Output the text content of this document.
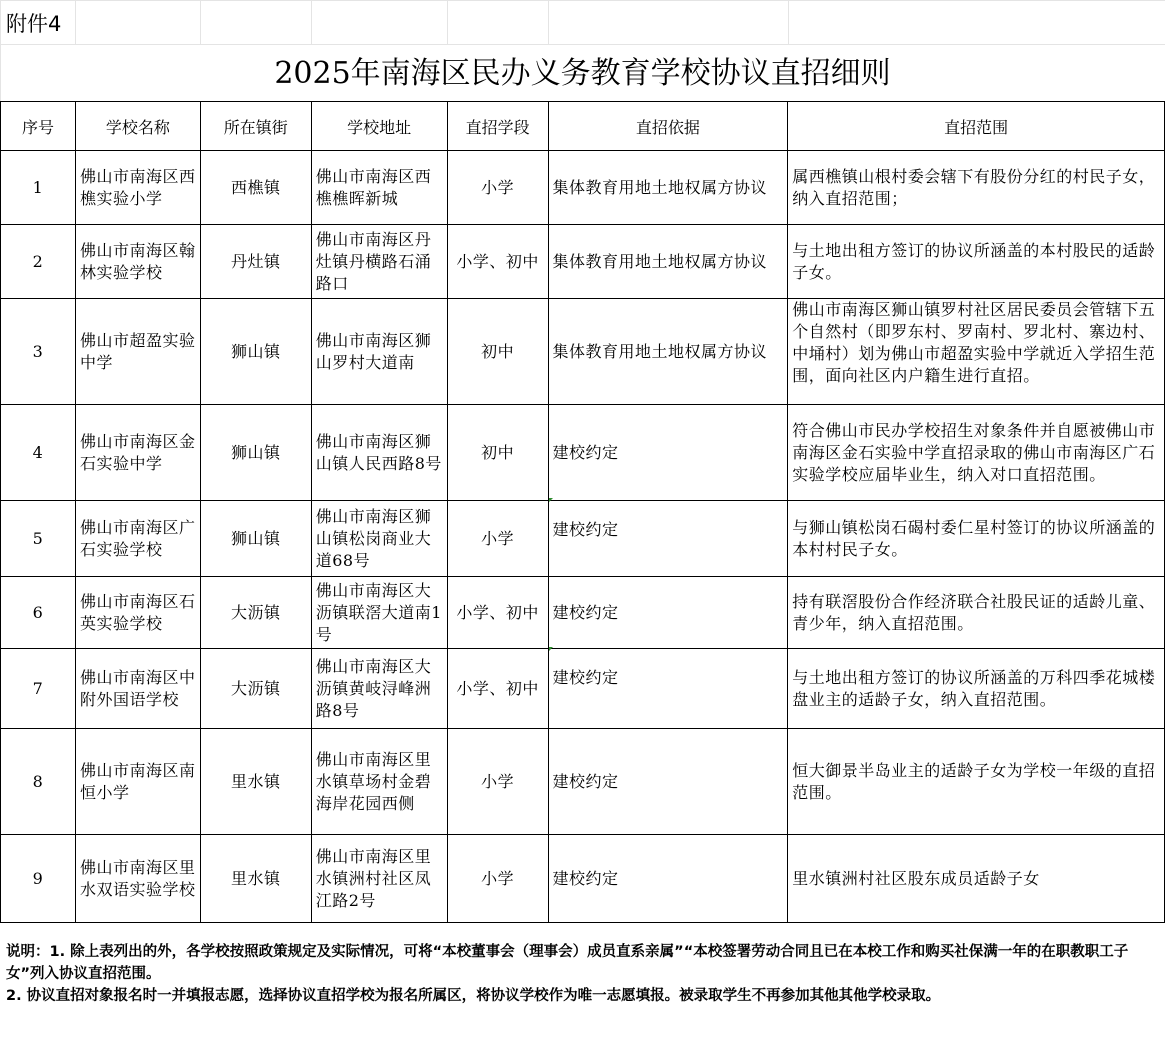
附件4
2025年南海区民办义务教育学校协议直招细则
序号	学校名称	所在镇街	学校地址	直招学段	直招依据	直招范围
1	佛山市南海区西樵实验小学	西樵镇	佛山市南海区西樵樵晖新城	小学	集体教育用地土地权属方协议	属西樵镇山根村委会辖下有股份分红的村民子女，纳入直招范围；
2	佛山市南海区翰林实验学校	丹灶镇	佛山市南海区丹灶镇丹横路石涌路口	小学、初中	集体教育用地土地权属方协议	与土地出租方签订的协议所涵盖的本村股民的适龄子女。
3	佛山市超盈实验中学	狮山镇	佛山市南海区狮山罗村大道南	初中	集体教育用地土地权属方协议	佛山市南海区狮山镇罗村社区居民委员会管辖下五个自然村（即罗东村、罗南村、罗北村、寨边村、中埇村）划为佛山市超盈实验中学就近入学招生范围，面向社区内户籍生进行直招。

4	佛山市南海区金石实验中学	狮山镇	佛山市南海区狮山镇人民西路8号	初中	建校约定	符合佛山市民办学校招生对象条件并自愿被佛山市南海区金石实验中学直招录取的佛山市南海区广石实验学校应届毕业生，纳入对口直招范围。
5	佛山市南海区广石实验学校	狮山镇	佛山市南海区狮山镇松岗商业大道68号	小学	建校约定	与狮山镇松岗石碣村委仁星村签订的协议所涵盖的本村村民子女。
6	佛山市南海区石英实验学校	大沥镇	佛山市南海区大沥镇联滘大道南1号	小学、初中	建校约定	持有联滘股份合作经济联合社股民证的适龄儿童、青少年，纳入直招范围。
7	佛山市南海区中附外国语学校	大沥镇	佛山市南海区大沥镇黄岐浔峰洲路8号	小学、初中	建校约定	与土地出租方签订的协议所涵盖的万科四季花城楼盘业主的适龄子女，纳入直招范围。
8	佛山市南海区南恒小学	里水镇	佛山市南海区里水镇草场村金碧海岸花园西侧	小学	建校约定	恒大御景半岛业主的适龄子女为学校一年级的直招范围。
9	佛山市南海区里水双语实验学校	里水镇	佛山市南海区里水镇洲村社区凤江路2号	小学	建校约定	里水镇洲村社区股东成员适龄子女

说明：1. 除上表列出的外，各学校按照政策规定及实际情况，可将“本校董事会（理事会）成员直系亲属”“本校签署劳动合同且已在本校工作和购买社保满一年的在职教职工子女”列入协议直招范围。

2. 协议直招对象报名时一并填报志愿，选择协议直招学校为报名所属区，将协议学校作为唯一志愿填报。被录取学生不再参加其他其他学校录取。
